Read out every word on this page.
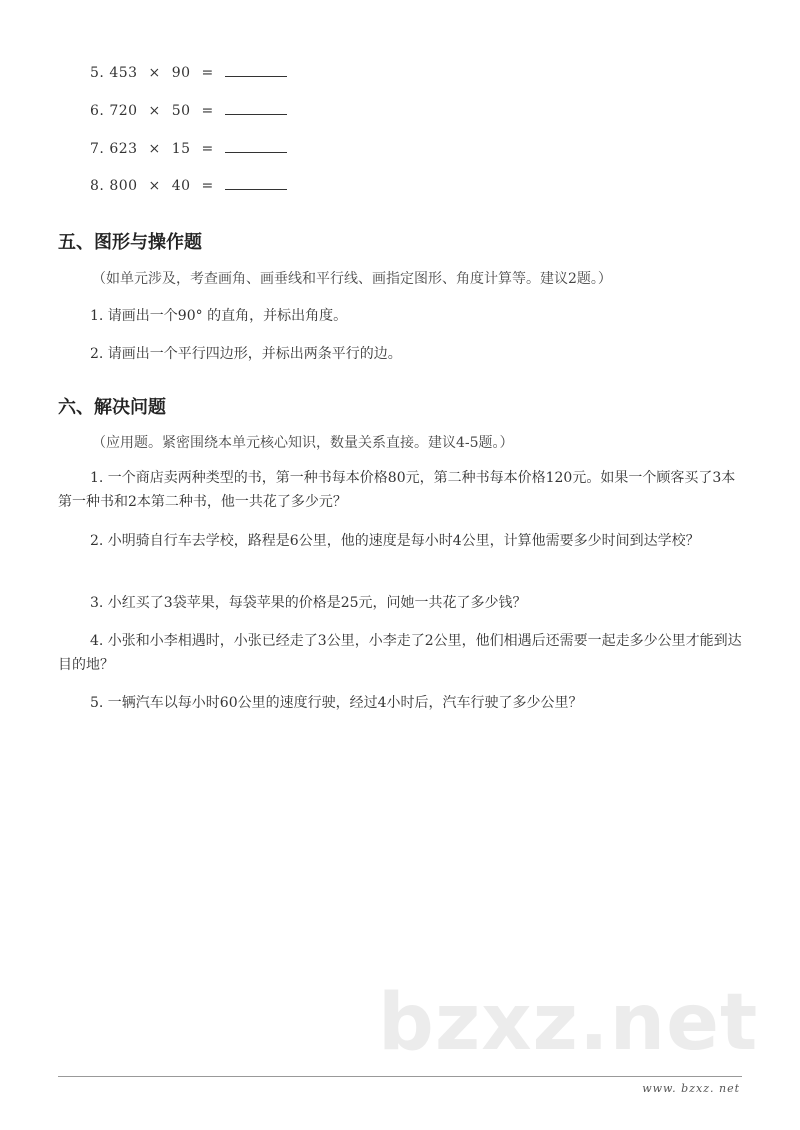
5. 453 × 90 =
6. 720 × 50 =
7. 623 × 15 =
8. 800 × 40 =
五、图形与操作题
（如单元涉及，考查画角、画垂线和平行线、画指定图形、角度计算等。建议2题。）
1. 请画出一个90° 的直角，并标出角度。
2. 请画出一个平行四边形，并标出两条平行的边。
六、解决问题
（应用题。紧密围绕本单元核心知识，数量关系直接。建议4-5题。）
1. 一个商店卖两种类型的书，第一种书每本价格80元，第二种书每本价格120元。如果一个顾客买了3本第一种书和2本第二种书，他一共花了多少元？
2. 小明骑自行车去学校，路程是6公里，他的速度是每小时4公里，计算他需要多少时间到达学校？
3. 小红买了3袋苹果，每袋苹果的价格是25元，问她一共花了多少钱？
4. 小张和小李相遇时，小张已经走了3公里，小李走了2公里，他们相遇后还需要一起走多少公里才能到达目的地？
5. 一辆汽车以每小时60公里的速度行驶，经过4小时后，汽车行驶了多少公里？
bzxz.net
www. bzxz. net
